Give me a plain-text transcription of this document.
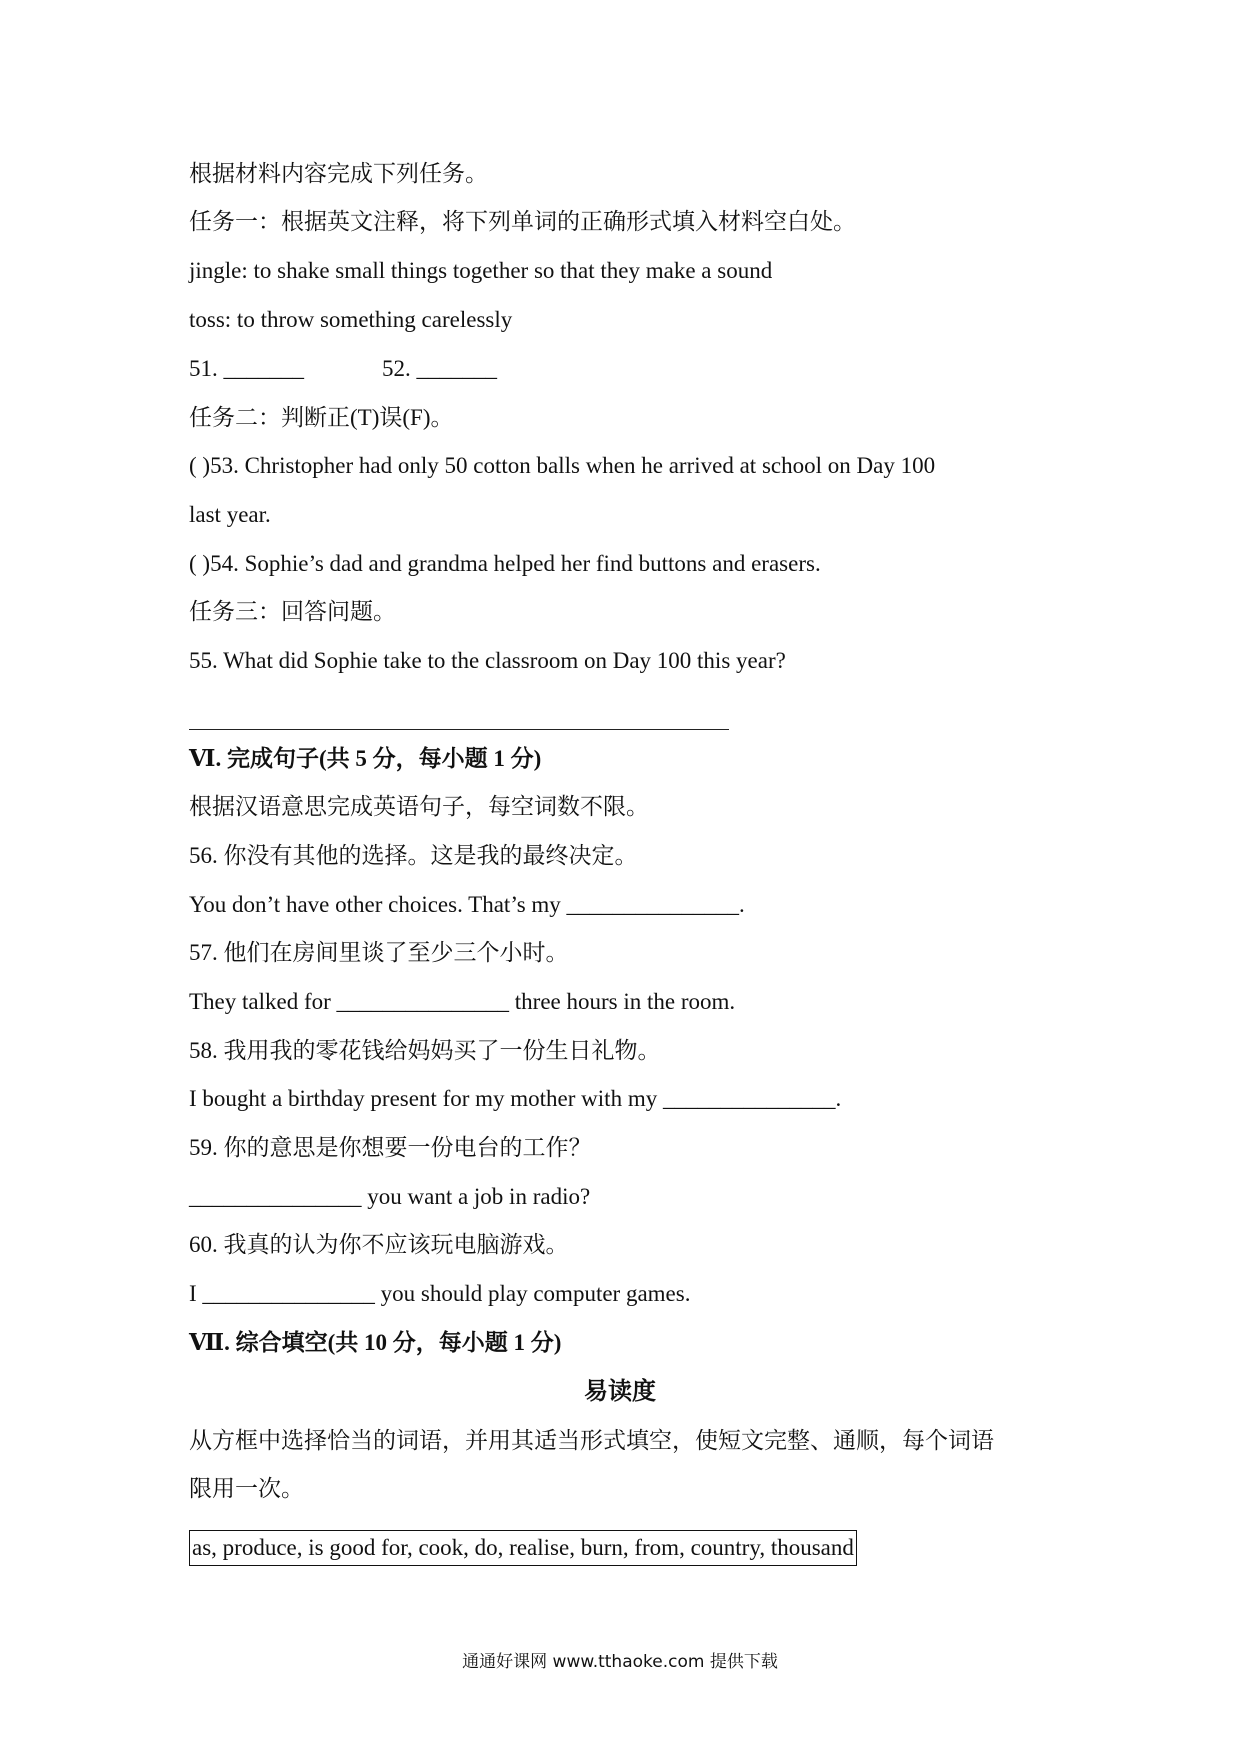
根据材料内容完成下列任务。
任务一：根据英文注释，将下列单词的正确形式填入材料空白处。
jingle: to shake small things together so that they make a sound
toss: to throw something carelessly
51. _______	52. _______
任务二：判断正(T)误(F)。
( )53. Christopher had only 50 cotton balls when he arrived at school on Day 100
last year.
( )54. Sophie’s dad and grandma helped her find buttons and erasers.
任务三：回答问题。
55. What did Sophie take to the classroom on Day 100 this year?
Ⅵ. 完成句子(共 5 分，每小题 1 分)
根据汉语意思完成英语句子，每空词数不限。
56. 你没有其他的选择。这是我的最终决定。
You don’t have other choices. That’s my _______________.
57. 他们在房间里谈了至少三个小时。
They talked for _______________ three hours in the room.
58. 我用我的零花钱给妈妈买了一份生日礼物。
I bought a birthday present for my mother with my _______________.
59. 你的意思是你想要一份电台的工作？
_______________ you want a job in radio?
60. 我真的认为你不应该玩电脑游戏。
I _______________ you should play computer games.
Ⅶ. 综合填空(共 10 分，每小题 1 分)
易读度
从方框中选择恰当的词语，并用其适当形式填空，使短文完整、通顺，每个词语
限用一次。
as, produce, is good for, cook, do, realise, burn, from, country, thousand
通通好课网 www.tthaoke.com 提供下载
